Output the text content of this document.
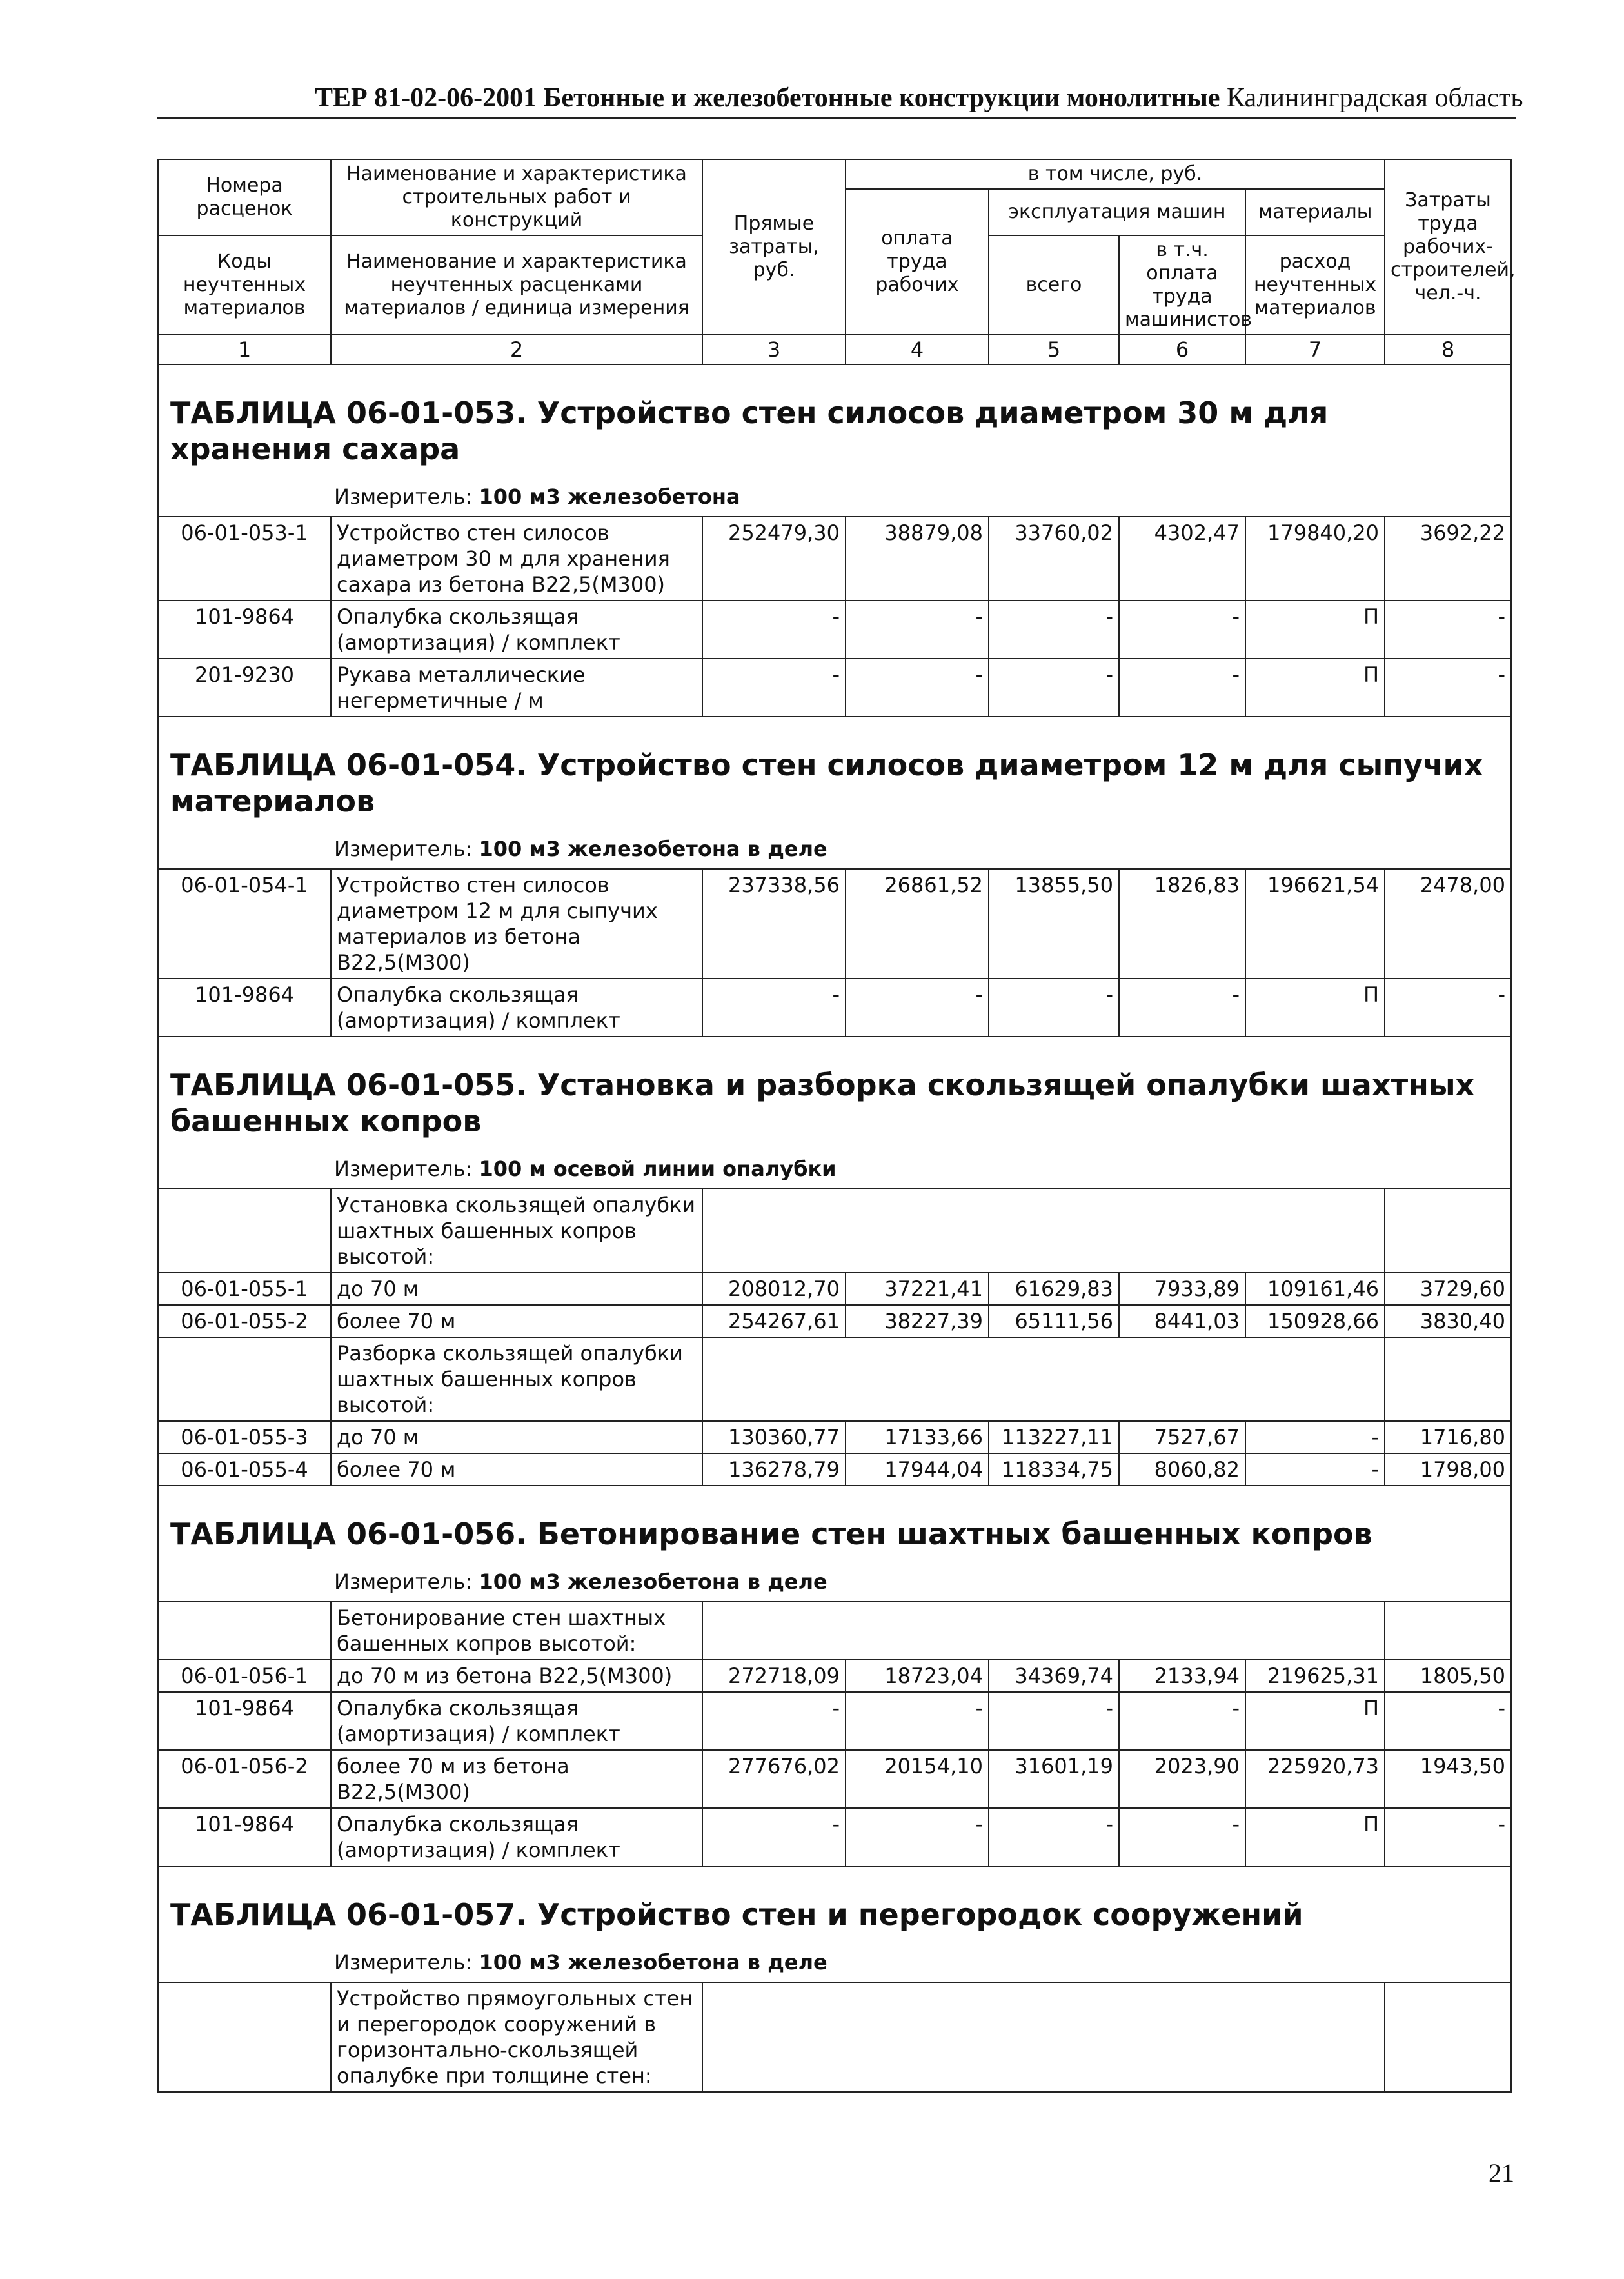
ТЕР 81-02-06-2001 Бетонные и железобетонные конструкции монолитные Калининградская область
Номера расценок	Наименование и характеристика строительных работ и конструкций	Прямые затраты, руб.	в том числе, руб.				Затраты труда рабочих-строителей, чел.-ч.
			оплата труда рабочих	эксплуатация машин		материалы	
Коды неучтенных материалов	Наименование и характеристика неучтенных расценками материалов / единица измерения			всего	в т.ч. оплата труда машинистов	расход неучтенных материалов	

1	2	3	4	5	6	7	8
ТАБЛИЦА 06-01-053. Устройство стен силосов диаметром 30 м для хранения сахара							
Измеритель: 100 м3 железобетона							
06-01-053-1	Устройство стен силосов диаметром 30 м для хранения сахара из бетона В22,5(М300)	252479,30	38879,08	33760,02	4302,47	179840,20	3692,22
101-9864	Опалубка скользящая (амортизация) / комплект	-	-	-	-	П	-
201-9230	Рукава металлические негерметичные / м	-	-	-	-	П	-
ТАБЛИЦА 06-01-054. Устройство стен силосов диаметром 12 м для сыпучих материалов							
Измеритель: 100 м3 железобетона в деле							
06-01-054-1	Устройство стен силосов диаметром 12 м для сыпучих материалов из бетона В22,5(М300)	237338,56	26861,52	13855,50	1826,83	196621,54	2478,00
101-9864	Опалубка скользящая (амортизация) / комплект	-	-	-	-	П	-
ТАБЛИЦА 06-01-055. Установка и разборка скользящей опалубки шахтных башенных копров							
Измеритель: 100 м осевой линии опалубки							
	Установка скользящей опалубки шахтных башенных копров высотой:						
06-01-055-1	до 70 м	208012,70	37221,41	61629,83	7933,89	109161,46	3729,60
06-01-055-2	более 70 м	254267,61	38227,39	65111,56	8441,03	150928,66	3830,40
	Разборка скользящей опалубки шахтных башенных копров высотой:						
06-01-055-3	до 70 м	130360,77	17133,66	113227,11	7527,67	-	1716,80
06-01-055-4	более 70 м	136278,79	17944,04	118334,75	8060,82	-	1798,00
ТАБЛИЦА 06-01-056. Бетонирование стен шахтных башенных копров							
Измеритель: 100 м3 железобетона в деле							
	Бетонирование стен шахтных башенных копров высотой:						
06-01-056-1	до 70 м из бетона В22,5(М300)	272718,09	18723,04	34369,74	2133,94	219625,31	1805,50
101-9864	Опалубка скользящая (амортизация) / комплект	-	-	-	-	П	-
06-01-056-2	более 70 м из бетона В22,5(М300)	277676,02	20154,10	31601,19	2023,90	225920,73	1943,50
101-9864	Опалубка скользящая (амортизация) / комплект	-	-	-	-	П	-
ТАБЛИЦА 06-01-057. Устройство стен и перегородок сооружений							
Измеритель: 100 м3 железобетона в деле							
	Устройство прямоугольных стен и перегородок сооружений в горизонтально-скользящей опалубке при толщине стен:						
21
